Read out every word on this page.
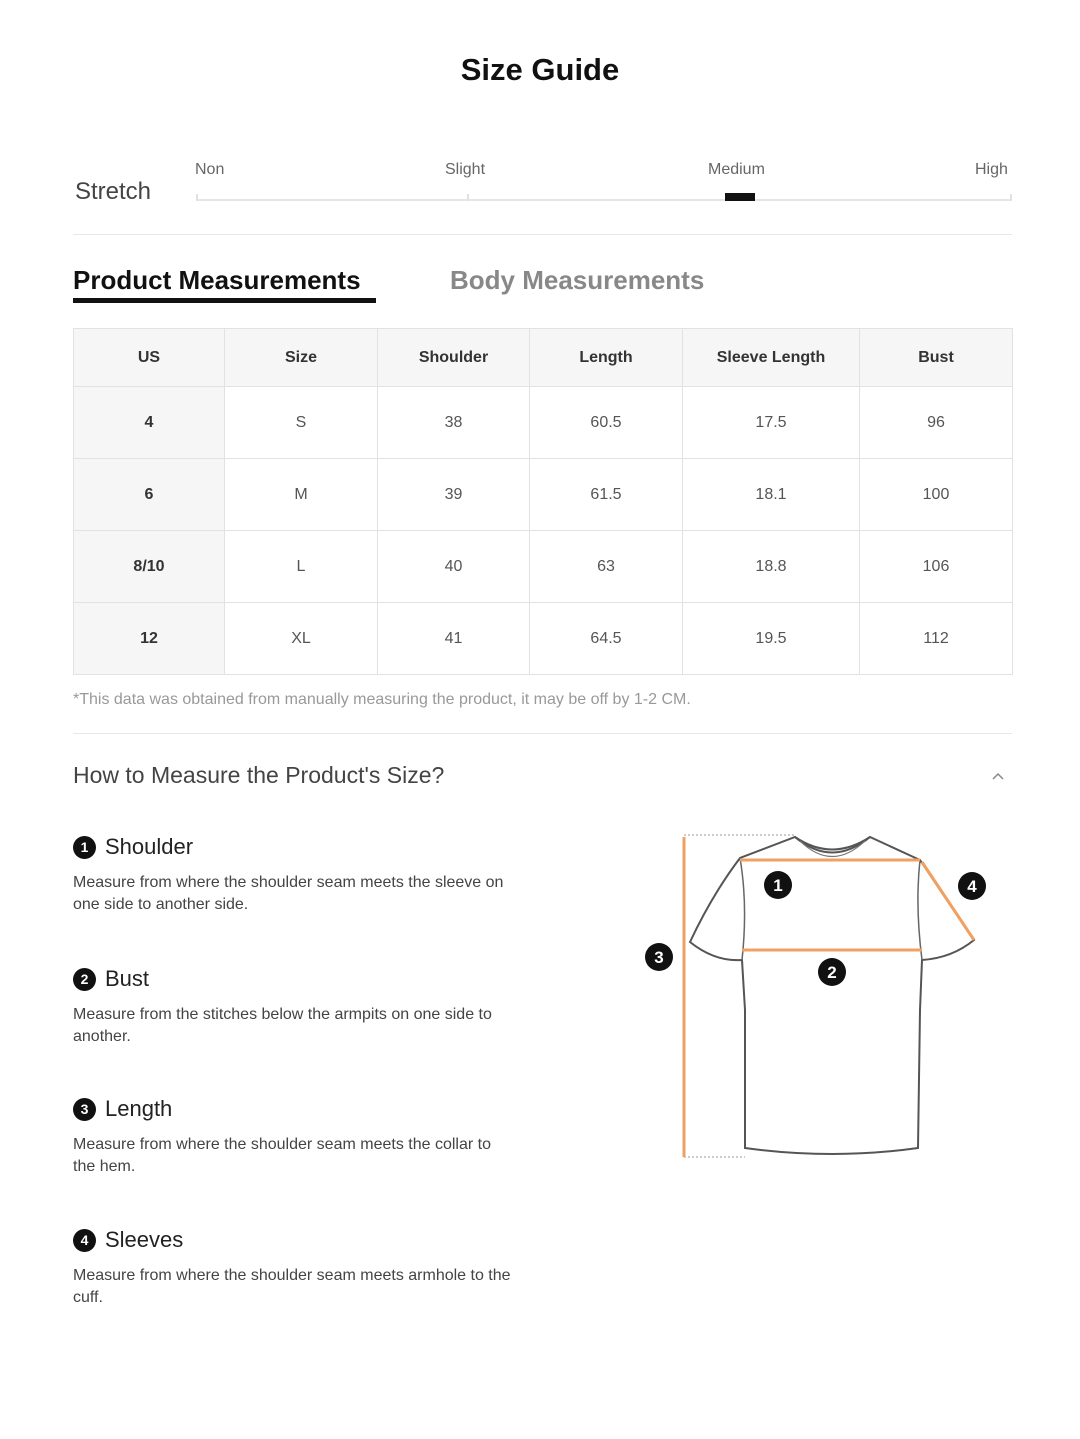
Size Guide
Stretch
Non	Slight	Medium	High
Product Measurements	Body Measurements
US	Size	Shoulder	Length	Sleeve Length	Bust
4	S	38	60.5	17.5	96
6	M	39	61.5	18.1	100
8/10	L	40	63	18.8	106
12	XL	41	64.5	19.5	112
*This data was obtained from manually measuring the product, it may be off by 1-2 CM.
How to Measure the Product's Size?
1 Shoulder
Measure from where the shoulder seam meets the sleeve on one side to another side.
2 Bust
Measure from the stitches below the armpits on one side to another.
3 Length
Measure from where the shoulder seam meets the collar to the hem.
4 Sleeves
Measure from where the shoulder seam meets armhole to the cuff.
1
2
3
4
